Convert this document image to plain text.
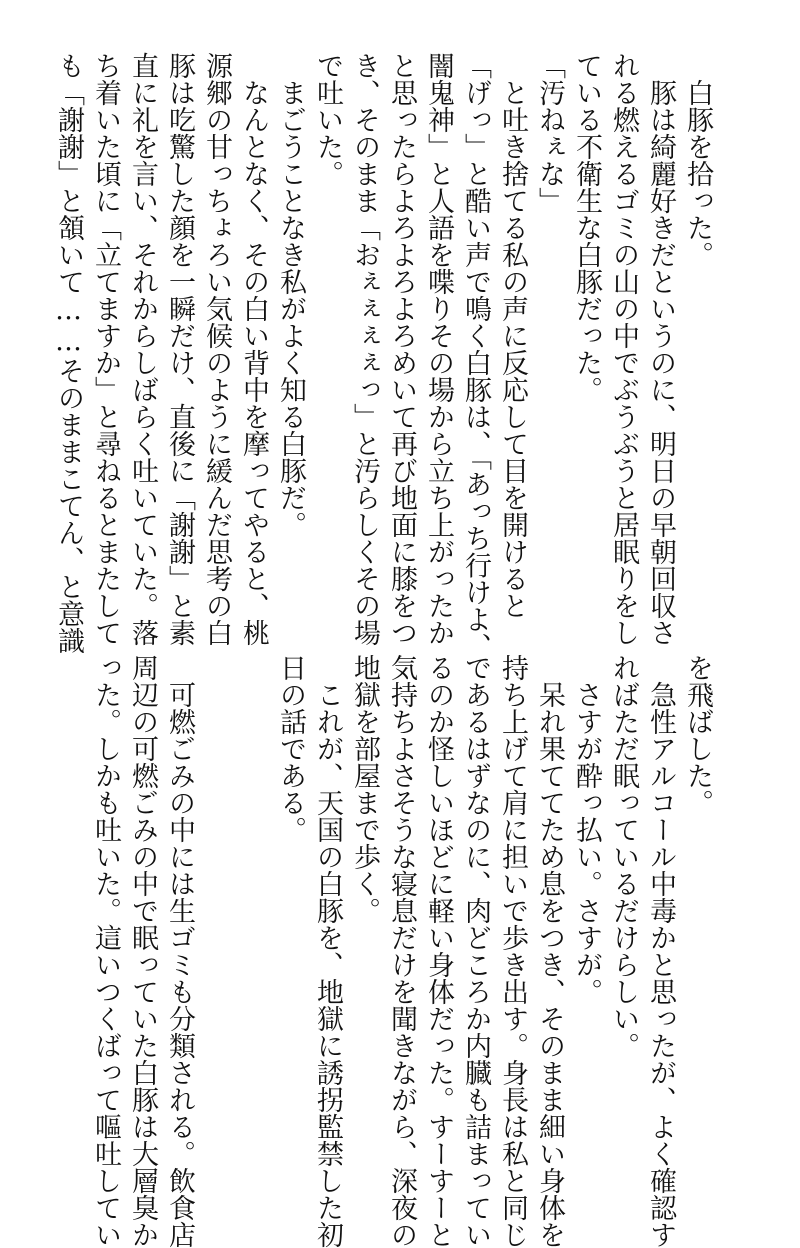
　白豚を拾った。
　豚は綺麗好きだというのに、明日の早朝回収さ
れる燃えるゴミの山の中でぶうぶうと居眠りをし
ている不衛生な白豚だった。
「汚ねぇな」
　と吐き捨てる私の声に反応して目を開けると
「げっ」と酷い声で鳴く白豚は、「あっち行けよ、
闇鬼神」と人語を喋りその場から立ち上がったか
と思ったらよろよろよろめいて再び地面に膝をつ
き、そのまま「おぇぇぇぇっ」と汚らしくその場
で吐いた。
　まごうことなき私がよく知る白豚だ。
　なんとなく、その白い背中を摩ってやると、桃
源郷の甘っちょろい気候のように緩んだ思考の白
豚は吃驚した顔を一瞬だけ、直後に「謝謝」と素
直に礼を言い、それからしばらく吐いていた。落
ち着いた頃に「立てますか」と尋ねるとまたして
も「謝謝」と頷いて……そのままこてん、と意識
を飛ばした。
　急性アルコール中毒かと思ったが、よく確認す
ればただ眠っているだけらしい。
　さすが酔っ払い。さすが。
　呆れ果ててため息をつき、そのまま細い身体を
持ち上げて肩に担いで歩き出す。身長は私と同じ
であるはずなのに、肉どころか内臓も詰まってい
るのか怪しいほどに軽い身体だった。すーすーと
気持ちよさそうな寝息だけを聞きながら、深夜の
地獄を部屋まで歩く。
　これが、天国の白豚を、地獄に誘拐監禁した初
日の話である。
　可燃ごみの中には生ゴミも分類される。飲食店
周辺の可燃ごみの中で眠っていた白豚は大層臭か
った。しかも吐いた。這いつくばって嘔吐してい
